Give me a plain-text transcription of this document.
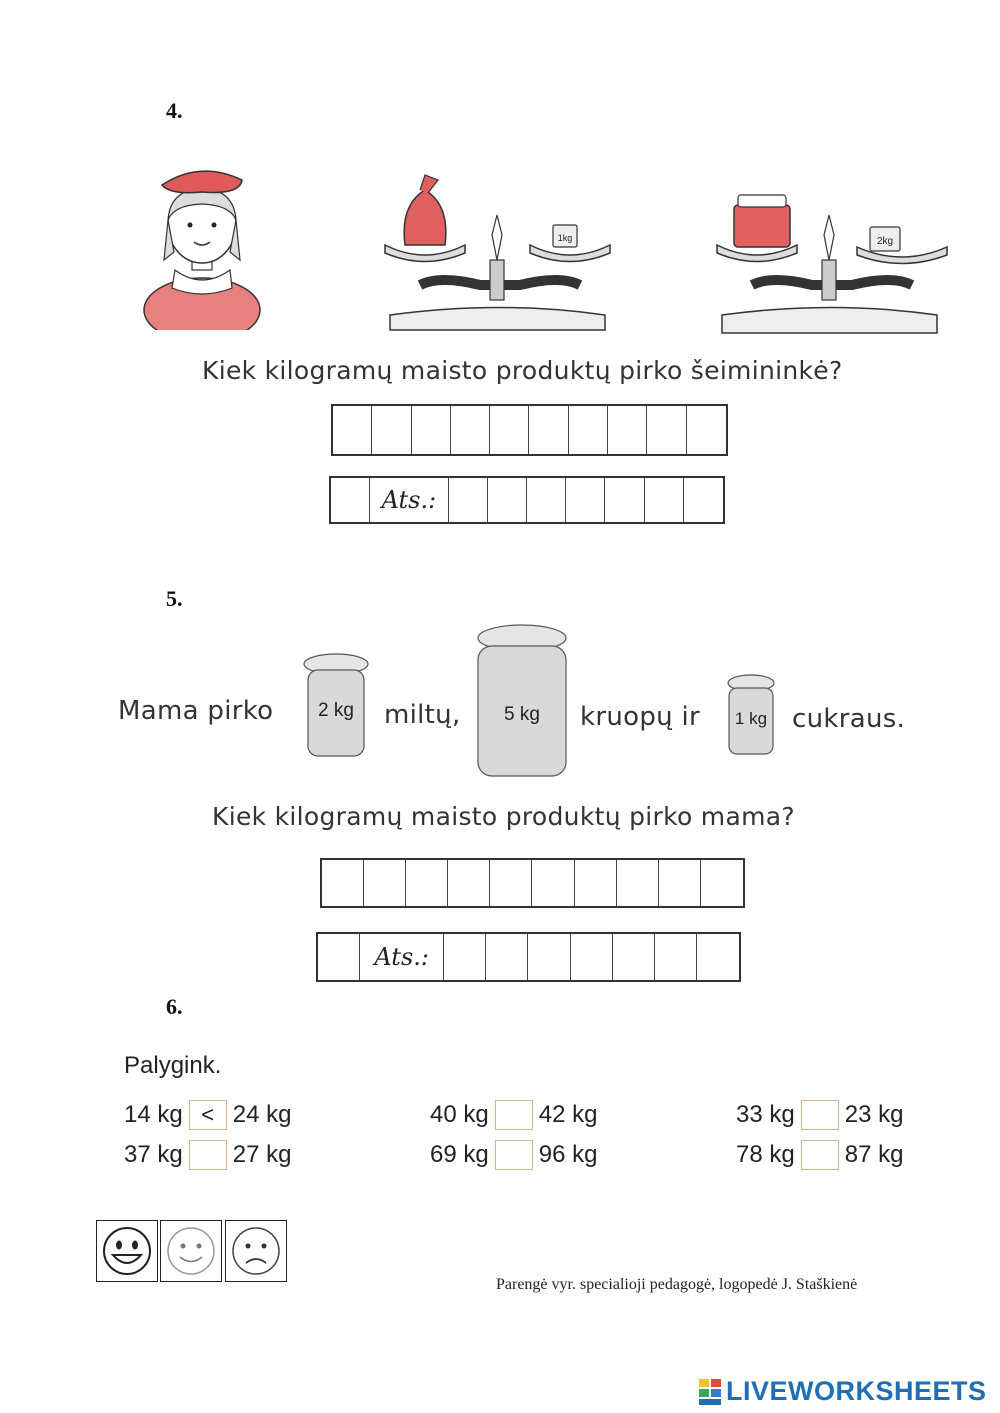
4.
1kg	2kg
Kiek kilogramų maisto produktų pirko šeimininkė?
Ats.:
5.
Mama pirko 2 kg miltų, 5 kg kruopų ir 1 kg cukraus.
Kiek kilogramų maisto produktų pirko mama?
Ats.:
6.
Palygink.
14 kg < 24 kg
37 kg 27 kg
40 kg 42 kg
69 kg 96 kg
33 kg 23 kg
78 kg 87 kg
Parengė vyr. specialioji pedagogė, logopedė J. Staškienė
LIVEWORKSHEETS
